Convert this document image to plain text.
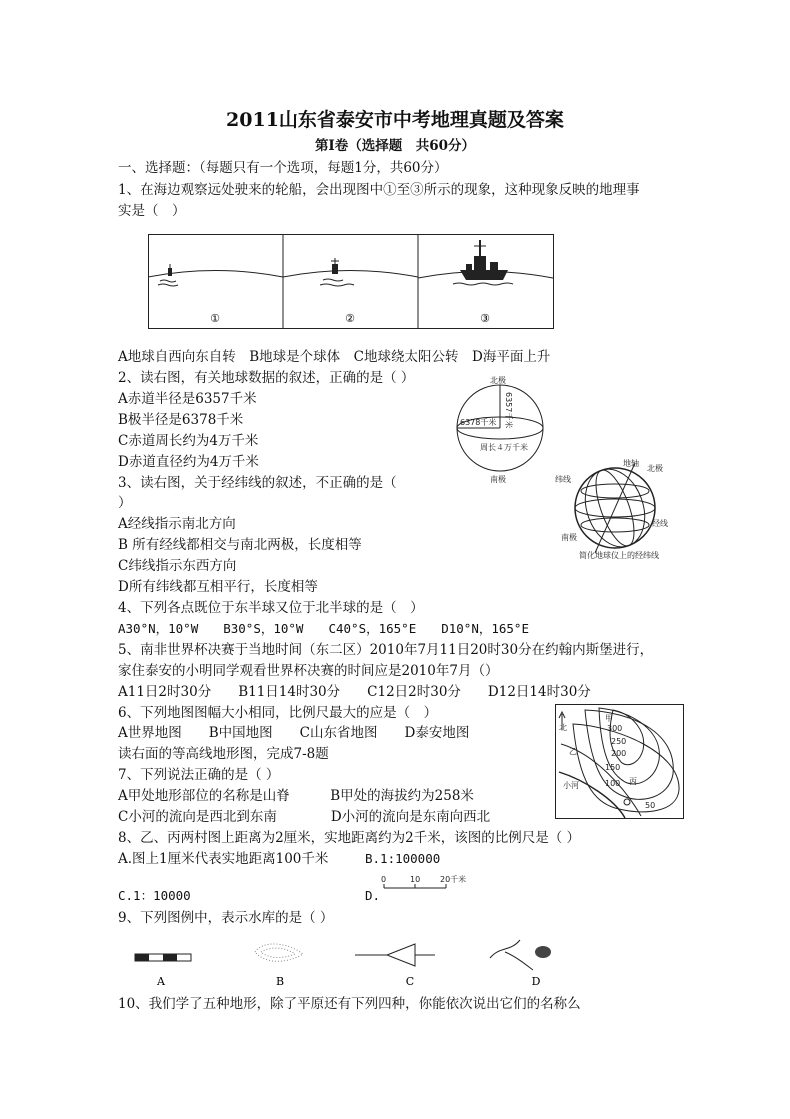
2011山东省泰安市中考地理真题及答案
第Ⅰ卷（选择题　共60分）
一、选择题：（每题只有一个选项，每题1分，共60分）
1、在海边观察远处驶来的轮船，会出现图中①至③所示的现象，这种现象反映的地理事
实是（　）
①	②	③
A地球自西向东自转　B地球是个球体　C地球绕太阳公转　D海平面上升
2、读右图，有关地球数据的叙述，正确的是（ ）
A赤道半径是6357千米
B极半径是6378千米
C赤道周长约为4万千米
D赤道直径约为4万千米
北极
南极
6357千米
6378千米
周长４万千米
3、读右图，关于经纬线的叙述，不正确的是（
）
A经线指示南北方向
B 所有经线都相交与南北两极，长度相等
C纬线指示东西方向
D所有纬线都互相平行，长度相等
地轴
北极
纬线
经线
南极
简化地球仪上的经纬线
4、下列各点既位于东半球又位于北半球的是（　）
A30°N，10°W　　B30°S，10°W　　C40°S，165°E　　D10°N，165°E
5、南非世界杯决赛于当地时间（东二区）2010年7月11日20时30分在约翰内斯堡进行，
家住泰安的小明同学观看世界杯决赛的时间应是2010年7月（）
A11日2时30分　　B11日14时30分　　C12日2时30分　　D12日14时30分
6、下列地图图幅大小相同，比例尺最大的应是（　）
A世界地图　　B中国地图　　C山东省地图　　D泰安地图
读右面的等高线地形图，完成7-8题
7、下列说法正确的是（ ）
A甲处地形部位的名称是山脊　　　B甲处的海拔约为258米
C小河的流向是西北到东南　　　　D小河的流向是东南向西北
北
甲
乙
丙
小河
300
250
200
150
100
50
8、乙、丙两村图上距离为2厘米，实地距离约为2千米，该图的比例尺是（ ）
A.图上1厘米代表实地距离100千米	B.1:100000
C.1：10000	D.
0	10 20千米
9、下列图例中，表示水库的是（ ）
A	B	C	D
10、我们学了五种地形，除了平原还有下列四种，你能依次说出它们的名称么
